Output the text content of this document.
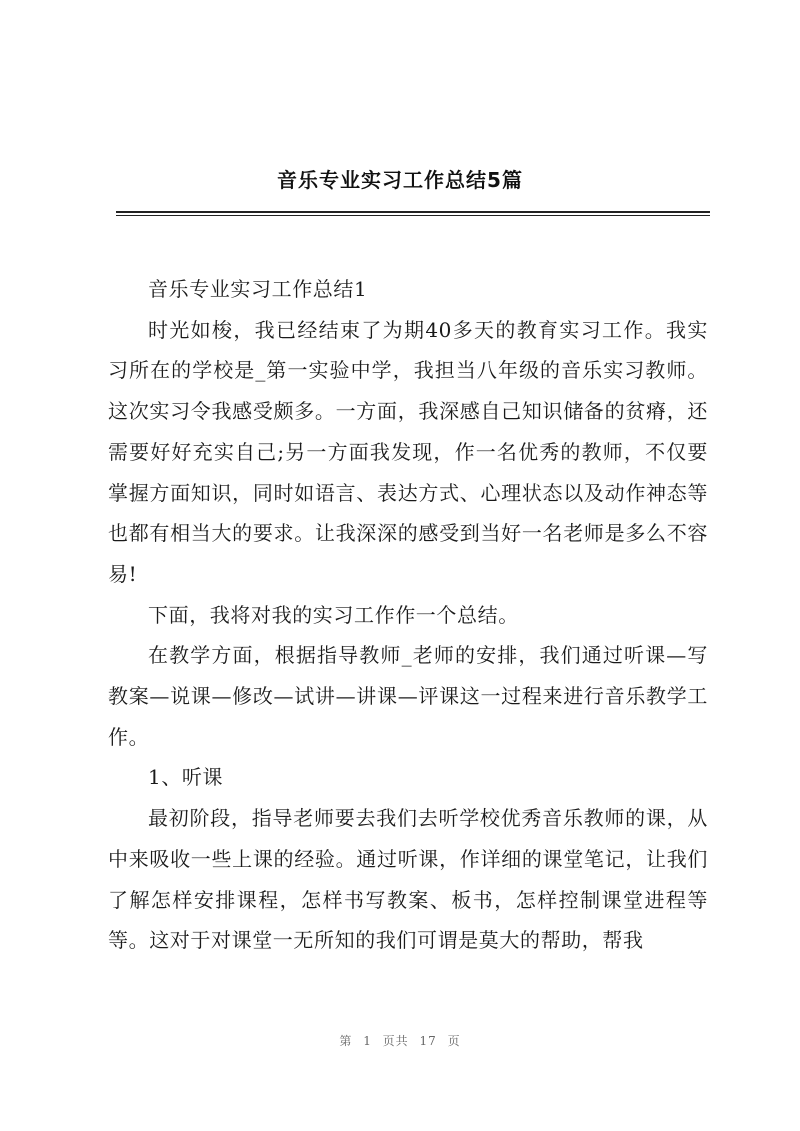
音乐专业实习工作总结5篇

音乐专业实习工作总结1

时光如梭，我已经结束了为期40多天的教育实习工作。我实习所在的学校是_第一实验中学，我担当八年级的音乐实习教师。这次实习令我感受颇多。一方面，我深感自己知识储备的贫瘠，还需要好好充实自己;另一方面我发现，作一名优秀的教师，不仅要掌握方面知识，同时如语言、表达方式、心理状态以及动作神态等也都有相当大的要求。让我深深的感受到当好一名老师是多么不容易!

下面，我将对我的实习工作作一个总结。

在教学方面，根据指导教师_老师的安排，我们通过听课—写教案—说课—修改—试讲—讲课—评课这一过程来进行音乐教学工作。

1、听课

最初阶段，指导老师要去我们去听学校优秀音乐教师的课，从中来吸收一些上课的经验。通过听课，作详细的课堂笔记，让我们了解怎样安排课程，怎样书写教案、板书，怎样控制课堂进程等等。这对于对课堂一无所知的我们可谓是莫大的帮助，帮我

第 1 页共 17 页
